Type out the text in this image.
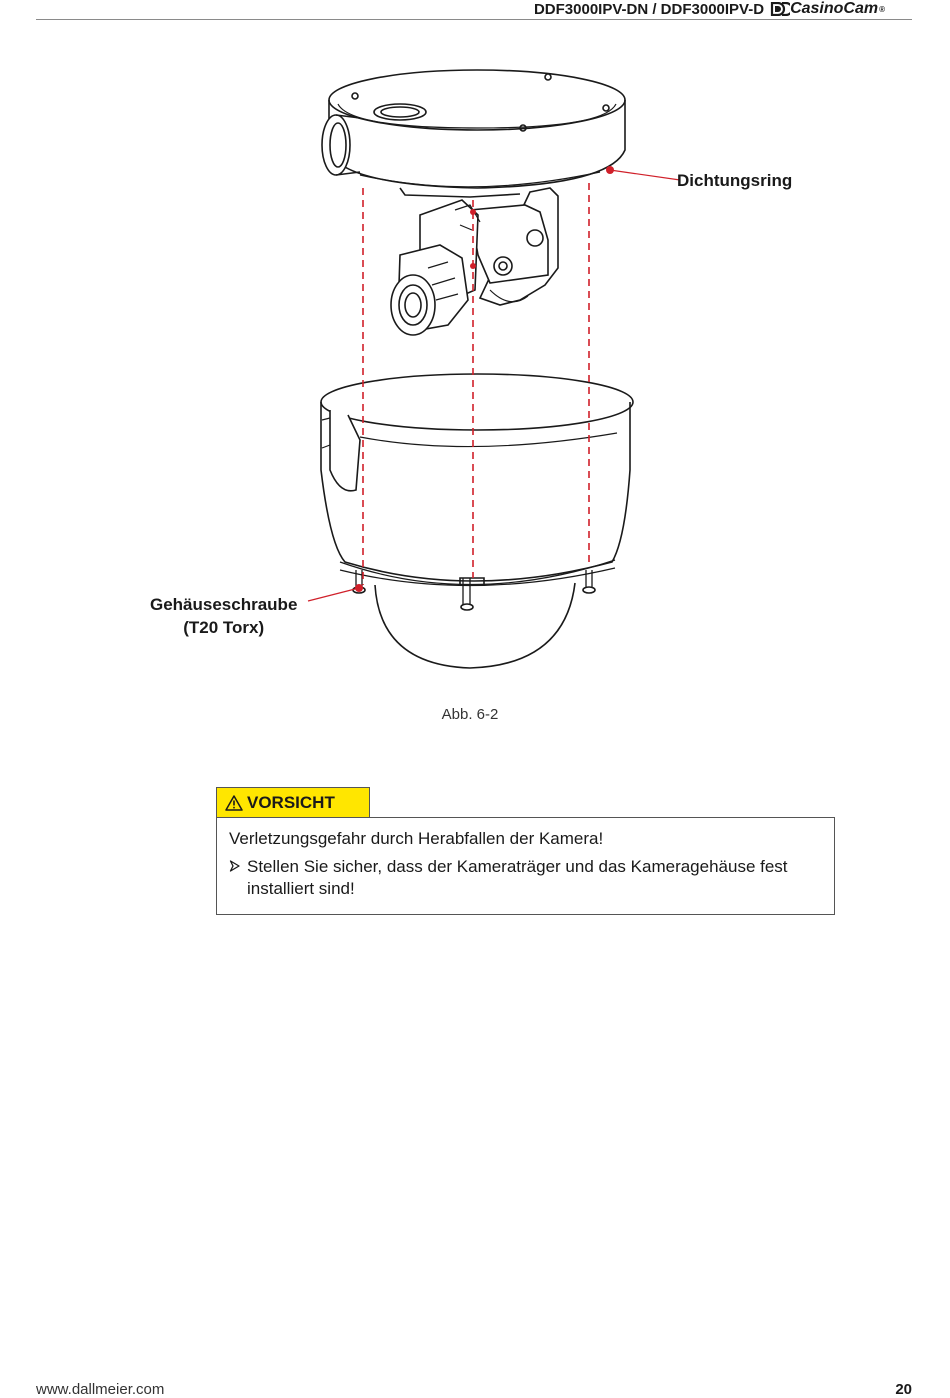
DDF3000IPV-DN / DDF3000IPV-D CasinoCam ®
Dichtungsring
Gehäuseschraube
(T20 Torx)
Abb. 6-2
VORSICHT

Verletzungsgefahr durch Herabfallen der Kamera!

Stellen Sie sicher, dass der Kameraträger und das Kameragehäuse fest installiert sind!
www.dallmeier.com	20
